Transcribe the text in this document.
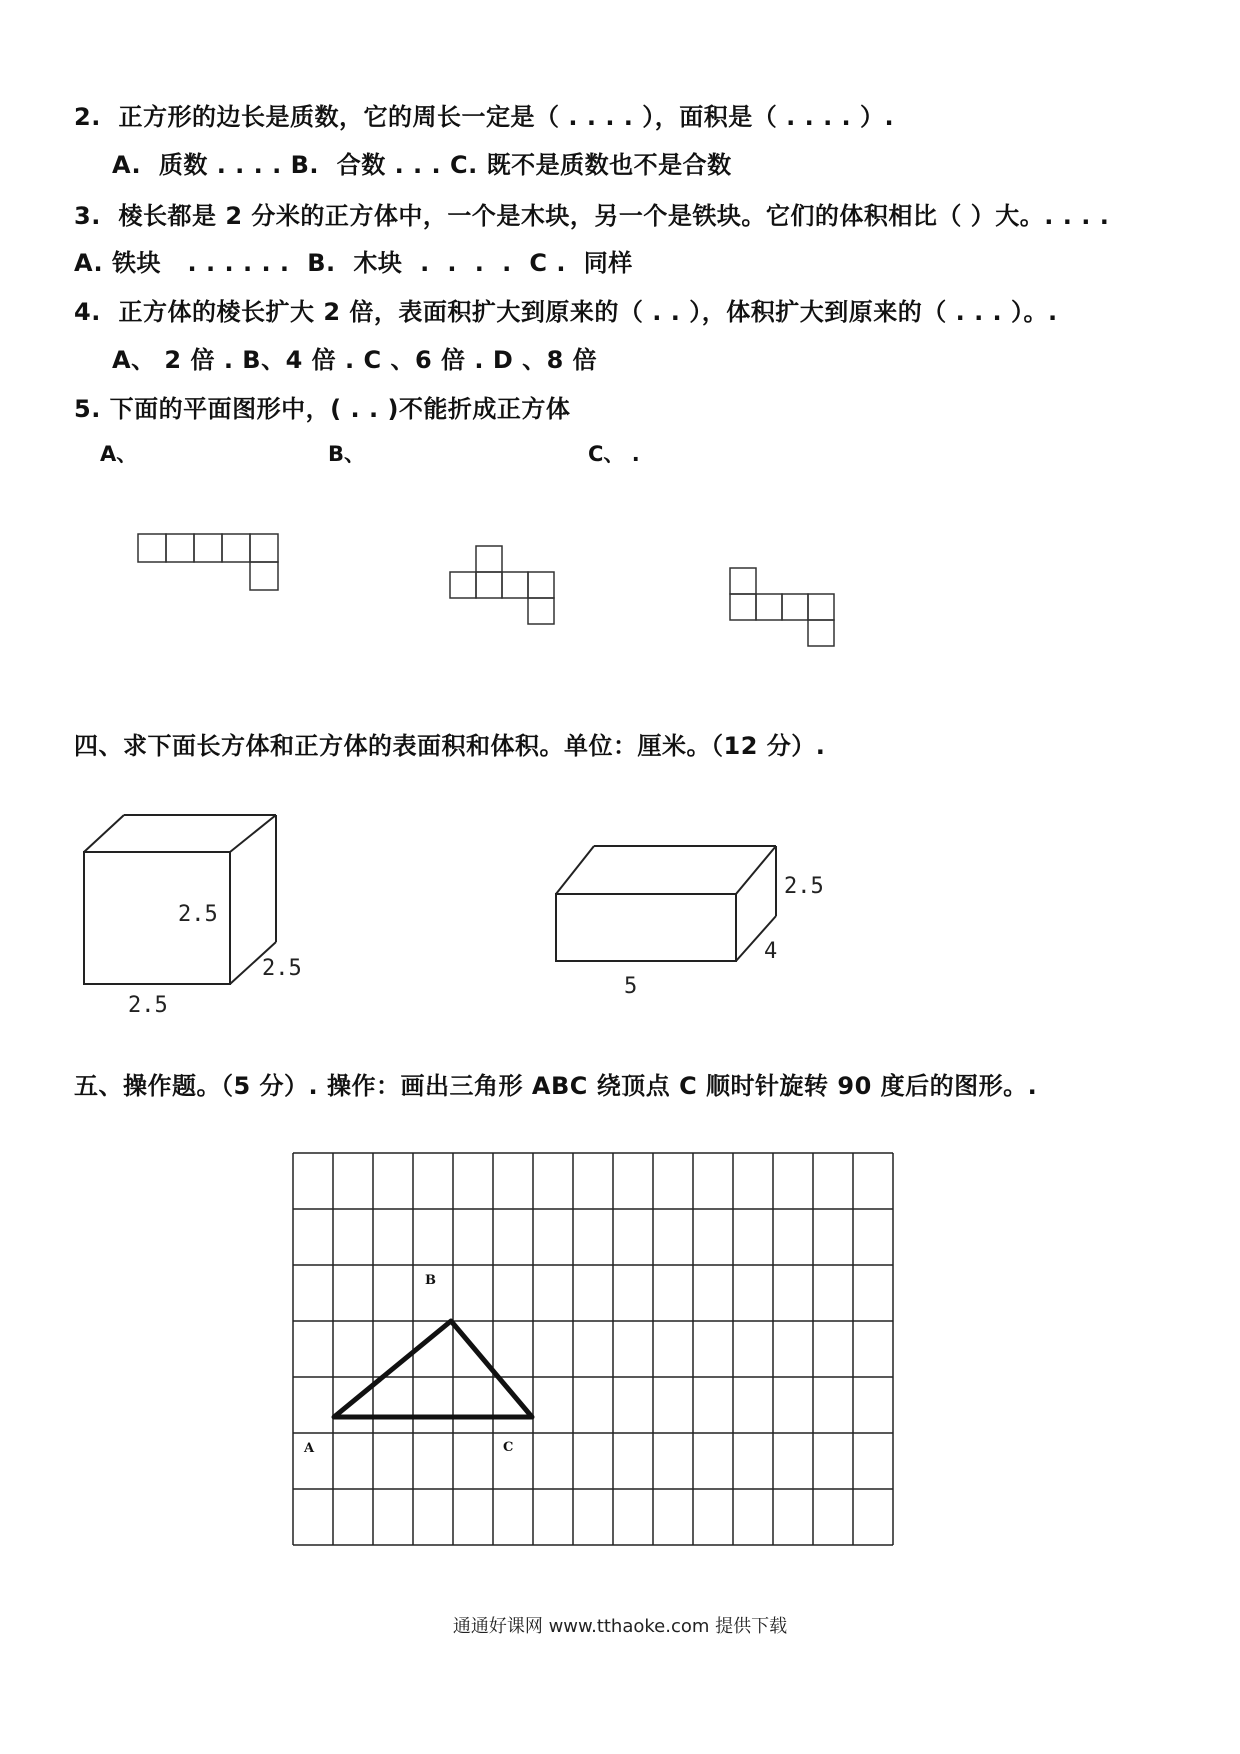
2.  正方形的边长是质数，它的周长一定是（ . . . . ），面积是（ . . . . ）.
A.  质数 . . . . B.  合数 . . . C. 既不是质数也不是合数
3.  棱长都是 2 分米的正方体中，一个是木块，另一个是铁块。它们的体积相比（ ）大。. . . .
A. 铁块   . . . . . .  B.  木块  .  .  .  .  C .  同样
4.  正方体的棱长扩大 2 倍，表面积扩大到原来的（ . . ），体积扩大到原来的（ . . . ）。.
A、 2 倍 . B、4 倍 . C 、6 倍 . D 、8 倍
5. 下面的平面图形中，( . . )不能折成正方体
A、	B、	C、 .
四、求下面长方体和正方体的表面积和体积。单位：厘米。（12 分）.
五、操作题。（5 分）. 操作：画出三角形 ABC 绕顶点 C 顺时针旋转 90 度后的图形。.
2.5
2.5
2.5
2.5
4
5
B
A	C
通通好课网 www.tthaoke.com 提供下载
